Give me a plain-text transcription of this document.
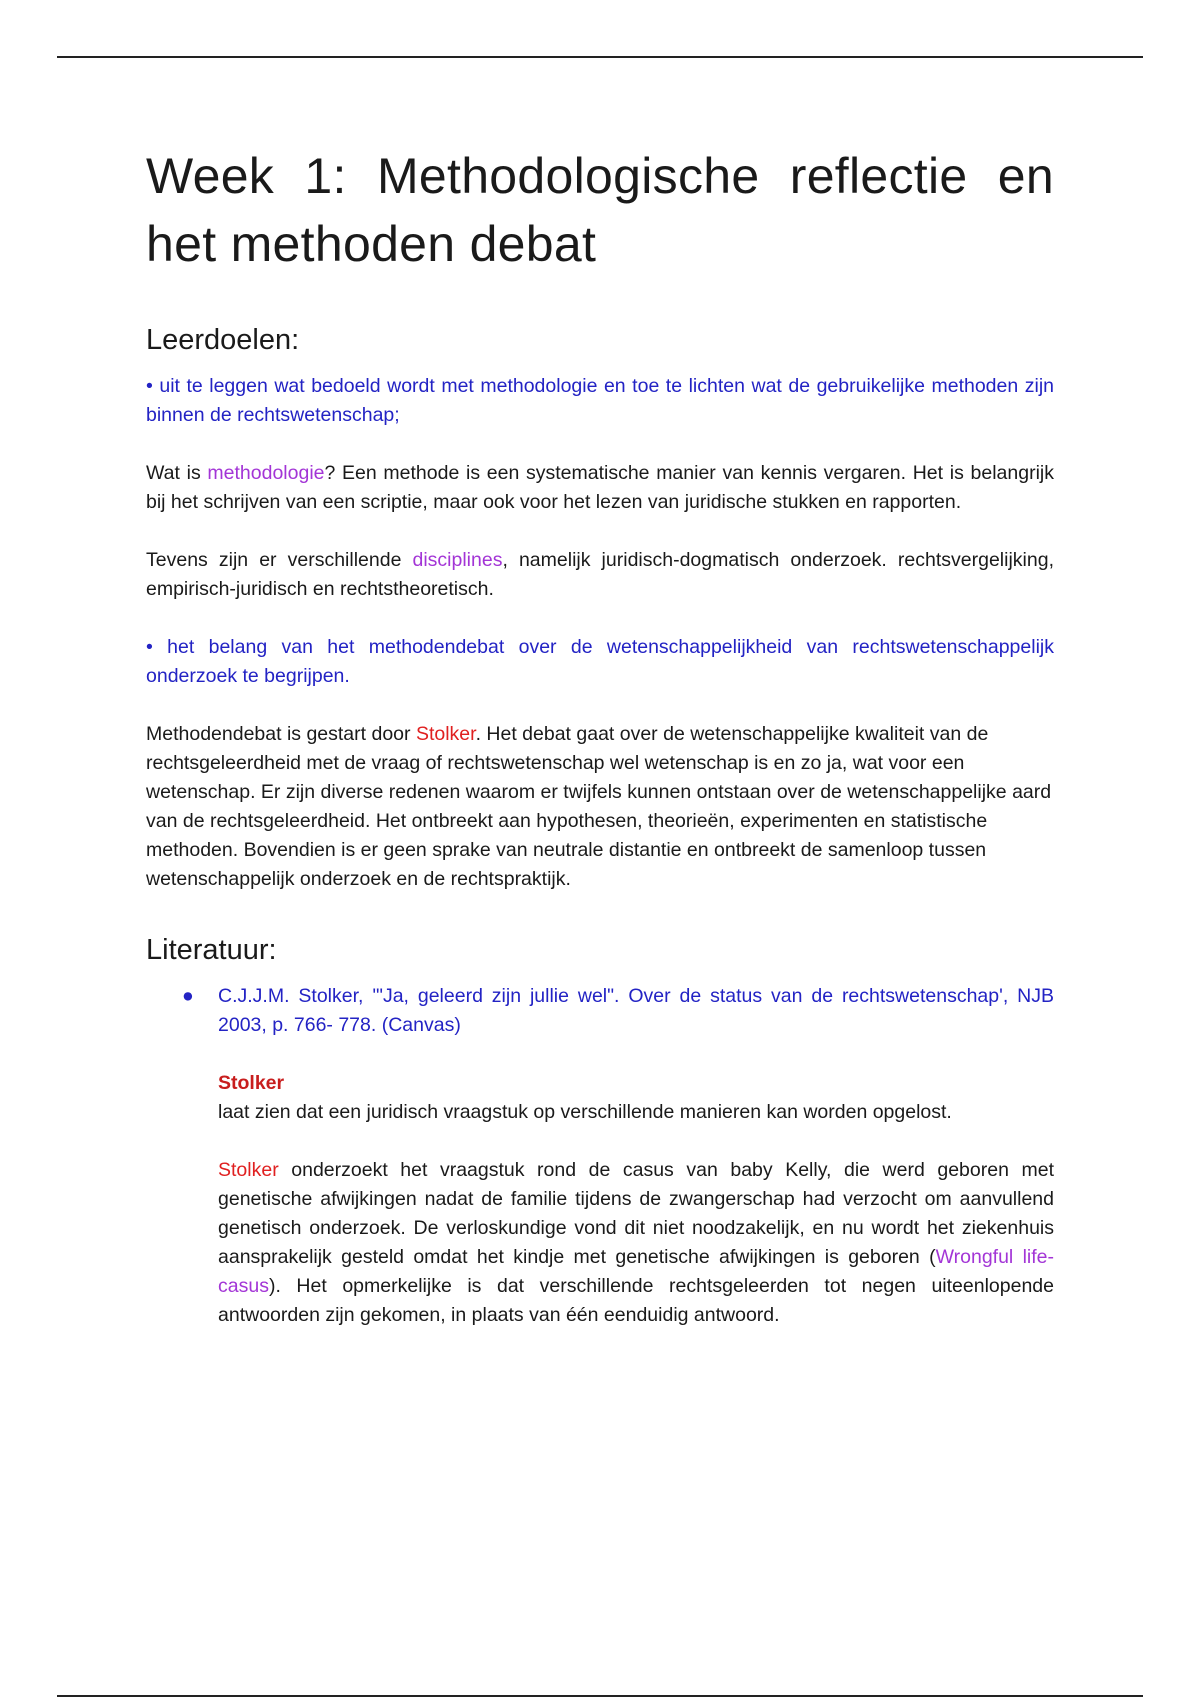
Week 1: Methodologische reflectie en het methoden debat
Leerdoelen:

• uit te leggen wat bedoeld wordt met methodologie en toe te lichten wat de gebruikelijke methoden zijn binnen de rechtswetenschap;

Wat is methodologie? Een methode is een systematische manier van kennis vergaren. Het is belangrijk bij het schrijven van een scriptie, maar ook voor het lezen van juridische stukken en rapporten.

Tevens zijn er verschillende disciplines, namelijk juridisch-dogmatisch onderzoek. rechtsvergelijking, empirisch-juridisch en rechtstheoretisch.

• het belang van het methodendebat over de wetenschappelijkheid van rechtswetenschappelijk onderzoek te begrijpen.

Methodendebat is gestart door Stolker. Het debat gaat over de wetenschappelijke kwaliteit van de rechtsgeleerdheid met de vraag of rechtswetenschap wel wetenschap is en zo ja, wat voor een wetenschap. Er zijn diverse redenen waarom er twijfels kunnen ontstaan over de wetenschappelijke aard van de rechtsgeleerdheid. Het ontbreekt aan hypothesen, theorieën, experimenten en statistische methoden. Bovendien is er geen sprake van neutrale distantie en ontbreekt de samenloop tussen wetenschappelijk onderzoek en de rechtspraktijk.

Literatuur:
● C.J.J.M. Stolker, '"Ja, geleerd zijn jullie wel". Over de status van de rechtswetenschap', NJB 2003, p. 766- 778. (Canvas)

Stolker

laat zien dat een juridisch vraagstuk op verschillende manieren kan worden opgelost.

Stolker onderzoekt het vraagstuk rond de casus van baby Kelly, die werd geboren met genetische afwijkingen nadat de familie tijdens de zwangerschap had verzocht om aanvullend genetisch onderzoek. De verloskundige vond dit niet noodzakelijk, en nu wordt het ziekenhuis aansprakelijk gesteld omdat het kindje met genetische afwijkingen is geboren (Wrongful life-casus). Het opmerkelijke is dat verschillende rechtsgeleerden tot negen uiteenlopende antwoorden zijn gekomen, in plaats van één eenduidig antwoord.
